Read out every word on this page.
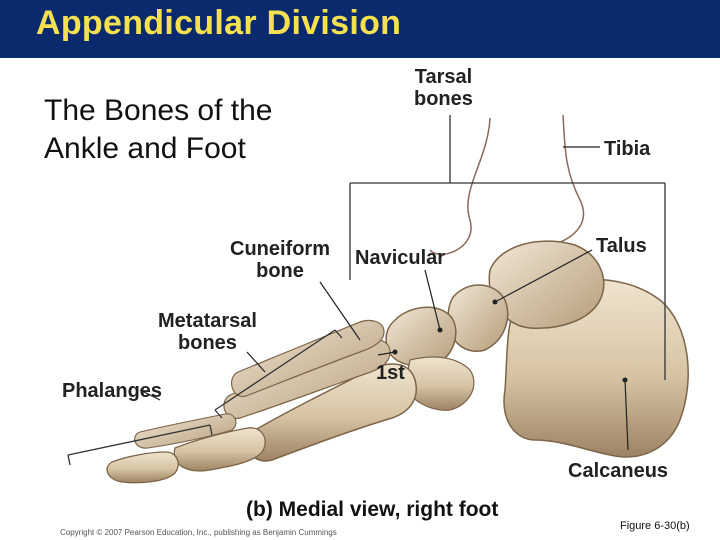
Appendicular Division
The Bones of the
Ankle and Foot
Tarsal
bones
Tibia
Talus
Cuneiform
bone
Navicular
Metatarsal
bones
1st
Phalanges
Calcaneus
(b) Medial view, right foot
Copyright © 2007 Pearson Education, Inc., publishing as Benjamin Cummings
Figure 6-30(b)
